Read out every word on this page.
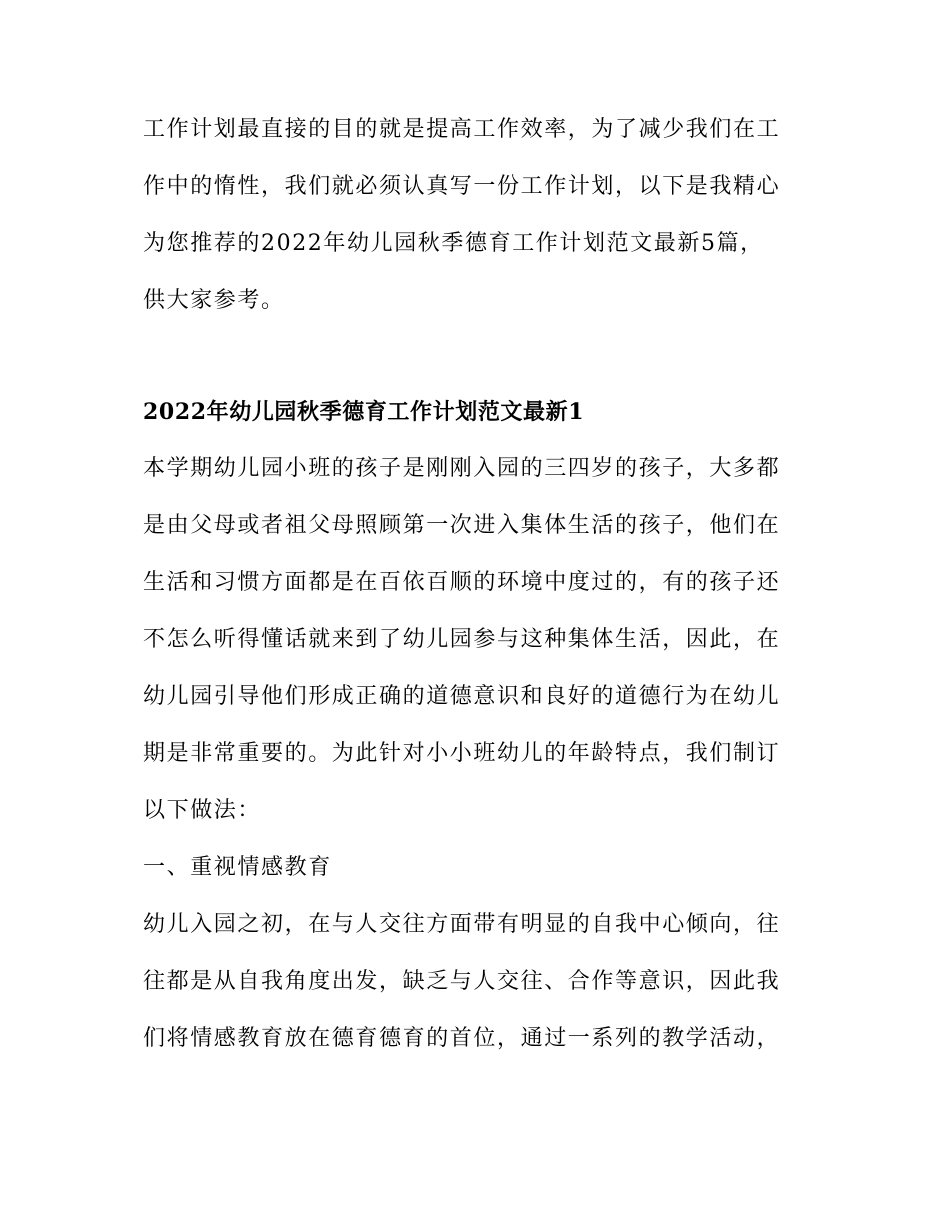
工作计划最直接的目的就是提高工作效率，为了减少我们在工
作中的惰性，我们就必须认真写一份工作计划，以下是我精心
为您推荐的2022年幼儿园秋季德育工作计划范文最新5篇，
供大家参考。
2022年幼儿园秋季德育工作计划范文最新1
本学期幼儿园小班的孩子是刚刚入园的三四岁的孩子，大多都
是由父母或者祖父母照顾第一次进入集体生活的孩子，他们在
生活和习惯方面都是在百依百顺的环境中度过的，有的孩子还
不怎么听得懂话就来到了幼儿园参与这种集体生活，因此，在
幼儿园引导他们形成正确的道德意识和良好的道德行为在幼儿
期是非常重要的。为此针对小小班幼儿的年龄特点，我们制订
以下做法：
一、重视情感教育
幼儿入园之初，在与人交往方面带有明显的自我中心倾向，往
往都是从自我角度出发，缺乏与人交往、合作等意识，因此我
们将情感教育放在德育德育的首位，通过一系列的教学活动，
